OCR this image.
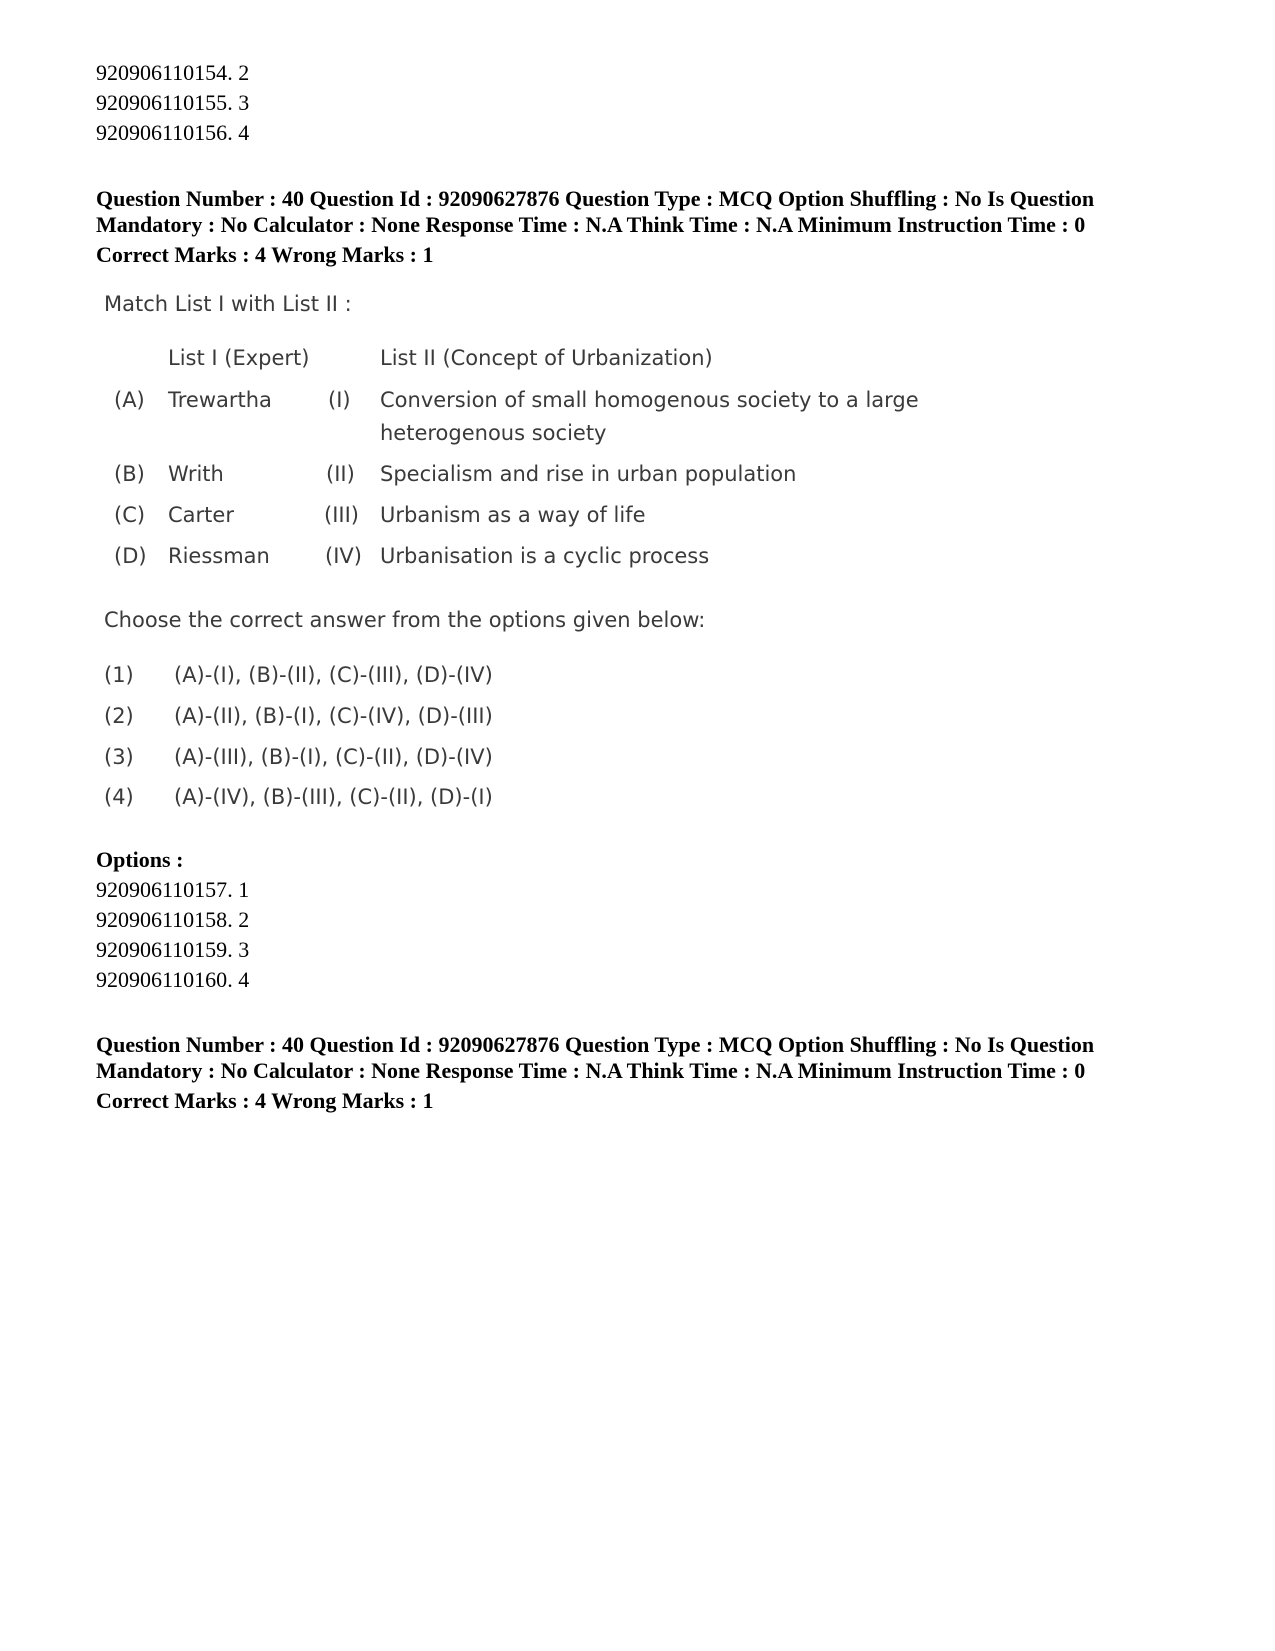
920906110154. 2
920906110155. 3
920906110156. 4
Question Number : 40 Question Id : 92090627876 Question Type : MCQ Option Shuffling : No Is Question
Mandatory : No Calculator : None Response Time : N.A Think Time : N.A Minimum Instruction Time : 0
Correct Marks : 4 Wrong Marks : 1
Match List I with List II :
List I (Expert)	List II (Concept of Urbanization)
(A) Trewartha	(I) Conversion of small homogenous society to a large
heterogenous society
(B) Writh	(II) Specialism and rise in urban population
(C) Carter	(III) Urbanism as a way of life
(D) Riessman	(IV) Urbanisation is a cyclic process
Choose the correct answer from the options given below:
(1) (A)-(I), (B)-(II), (C)-(III), (D)-(IV)
(2) (A)-(II), (B)-(I), (C)-(IV), (D)-(III)
(3) (A)-(III), (B)-(I), (C)-(II), (D)-(IV)
(4) (A)-(IV), (B)-(III), (C)-(II), (D)-(I)
Options :
920906110157. 1
920906110158. 2
920906110159. 3
920906110160. 4
Question Number : 40 Question Id : 92090627876 Question Type : MCQ Option Shuffling : No Is Question
Mandatory : No Calculator : None Response Time : N.A Think Time : N.A Minimum Instruction Time : 0
Correct Marks : 4 Wrong Marks : 1
